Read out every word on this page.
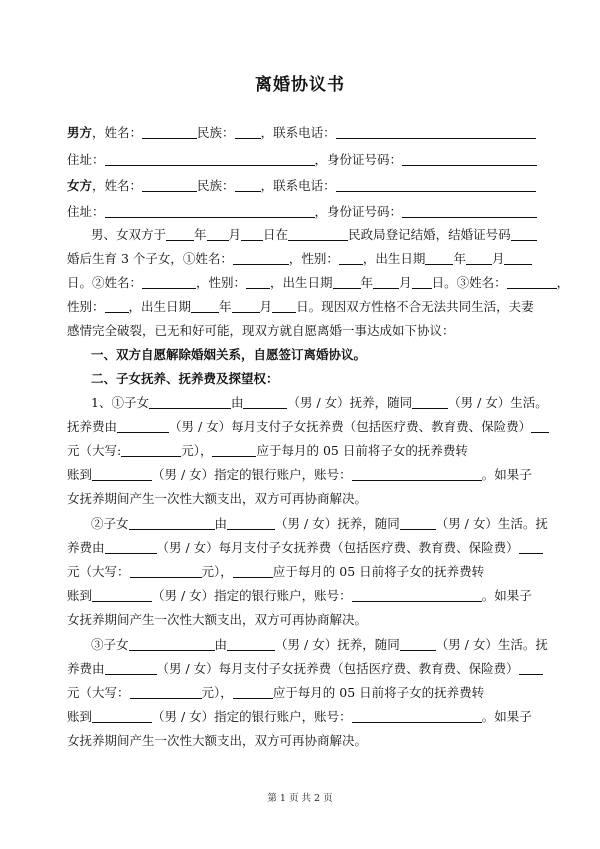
离婚协议书
男方，姓名：	民族： ，联系电话：
住址：	，身份证号码：
女方，姓名：	民族： ，联系电话：
住址：	，身份证号码：
男、女双方于 年 月 日在	民政局登记结婚，结婚证号码
婚后生育 3 个子女，①姓名：	，性别： ，出生日期 年 月
日。②姓名：	，性别： ，出生日期 年 月 日。③姓名：	，
性别： ，出生日期 年 月 日。现因双方性格不合无法共同生活，夫妻
感情完全破裂，已无和好可能，现双方就自愿离婚一事达成如下协议：
一、双方自愿解除婚姻关系，自愿签订离婚协议。
二、子女抚养、抚养费及探望权：
1、①子女	由	（男 / 女）抚养，随同	（男 / 女）生活。
抚养费由	（男 / 女）每月支付子女抚养费（包括医疗费、教育费、保险费）
元（大写:	元），	应于每月的 05 日前将子女的抚养费转
账到	（男 / 女）指定的银行账户，账号：	。如果子
女抚养期间产生一次性大额支出，双方可再协商解决。
②子女	由	（男 / 女）抚养，随同	（男 / 女）生活。抚
养费由	（男 / 女）每月支付子女抚养费（包括医疗费、教育费、保险费）
元（大写：	元），	应于每月的 05 日前将子女的抚养费转
账到	（男 / 女）指定的银行账户，账号：	。如果子
女抚养期间产生一次性大额支出，双方可再协商解决。
③子女	由	（男 / 女）抚养，随同	（男 / 女）生活。抚
养费由	（男 / 女）每月支付子女抚养费（包括医疗费、教育费、保险费）
元（大写：	元），	应于每月的 05 日前将子女的抚养费转
账到	（男 / 女）指定的银行账户，账号：	。如果子
女抚养期间产生一次性大额支出，双方可再协商解决。
第 1 页 共 2 页
